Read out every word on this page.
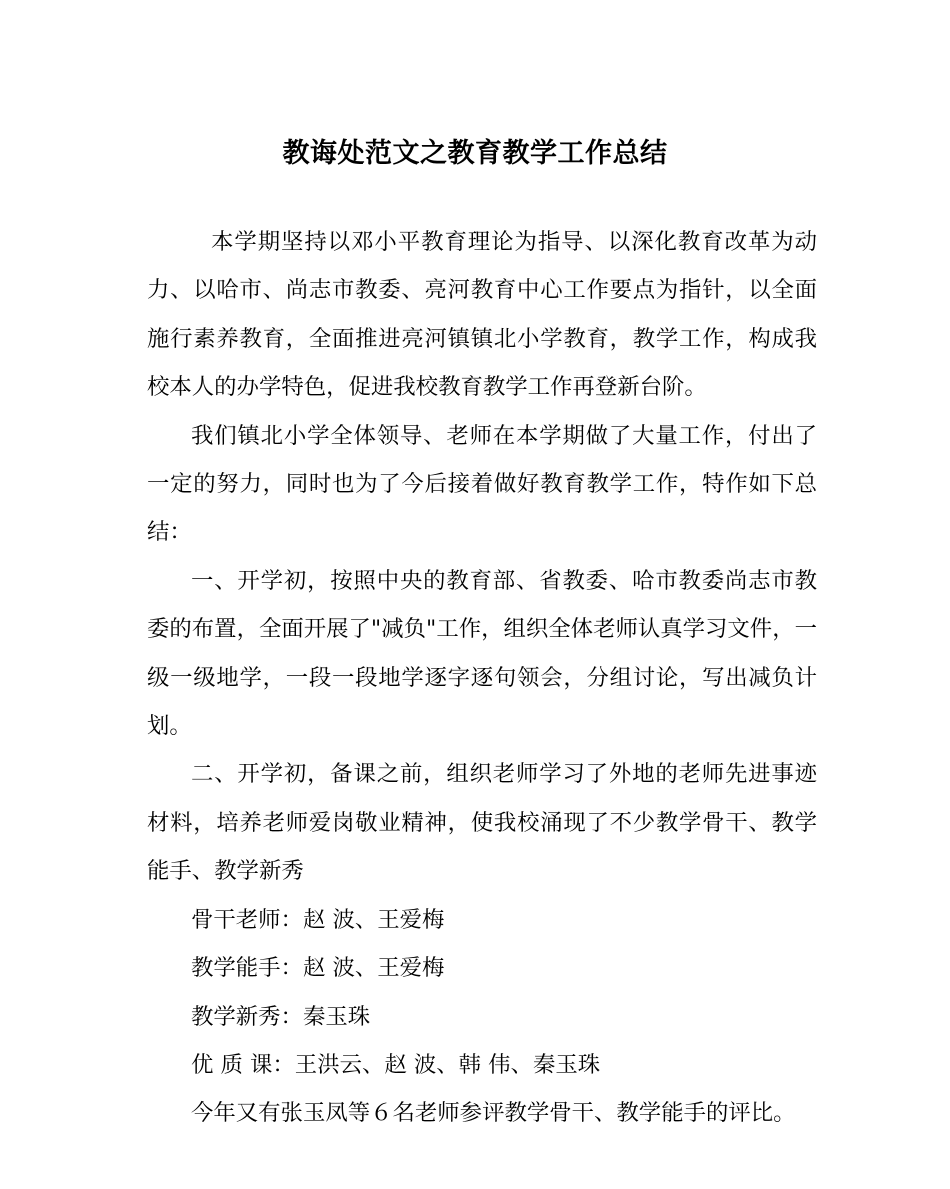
教诲处范文之教育教学工作总结

本学期坚持以邓小平教育理论为指导、以深化教育改革为动力、以哈市、尚志市教委、亮河教育中心工作要点为指针，以全面施行素养教育，全面推进亮河镇镇北小学教育，教学工作，构成我校本人的办学特色，促进我校教育教学工作再登新台阶。

我们镇北小学全体领导、老师在本学期做了大量工作，付出了一定的努力，同时也为了今后接着做好教育教学工作，特作如下总结：

一、开学初，按照中央的教育部、省教委、哈市教委尚志市教委的布置，全面开展了"减负"工作，组织全体老师认真学习文件，一级一级地学，一段一段地学逐字逐句领会，分组讨论，写出减负计划。

二、开学初，备课之前，组织老师学习了外地的老师先进事迹材料，培养老师爱岗敬业精神，使我校涌现了不少教学骨干、教学能手、教学新秀

骨干老师：赵 波、王爱梅

教学能手：赵 波、王爱梅

教学新秀：秦玉珠

优 质 课：王洪云、赵 波、韩 伟、秦玉珠

今年又有张玉凤等６名老师参评教学骨干、教学能手的评比。
